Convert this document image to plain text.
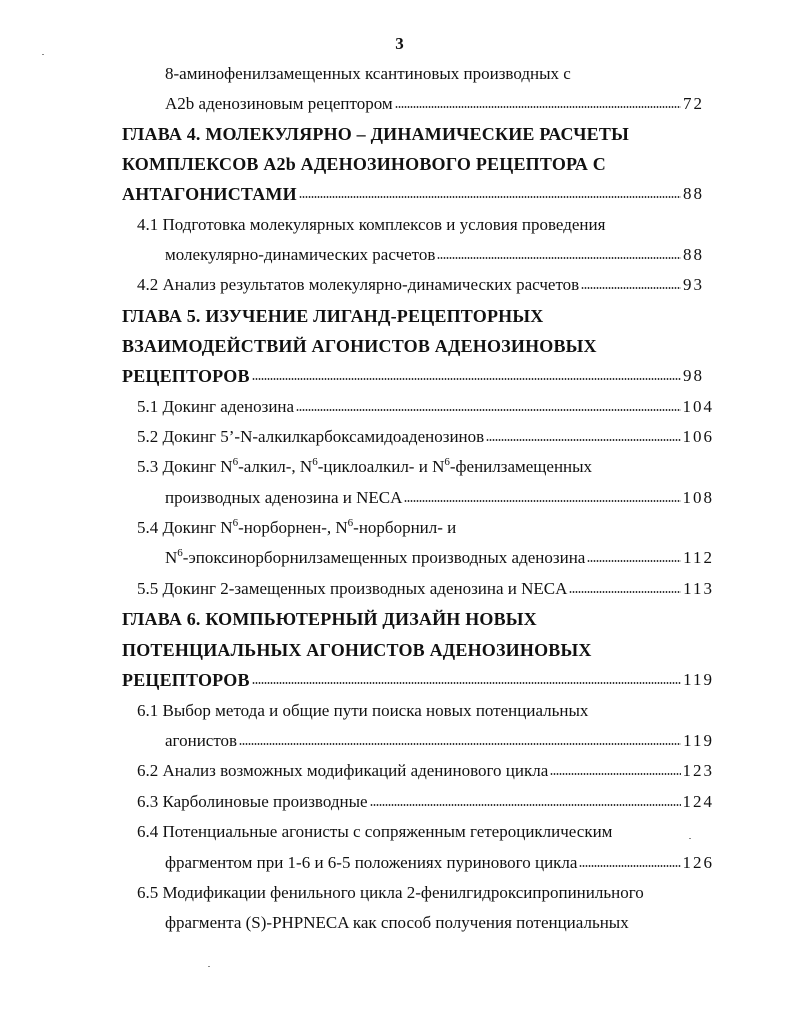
3
8-аминофенилзамещенных ксантиновых производных с
A2b аденозиновым рецептором	72
ГЛАВА 4. МОЛЕКУЛЯРНО – ДИНАМИЧЕСКИЕ РАСЧЕТЫ
КОМПЛЕКСОВ A2b АДЕНОЗИНОВОГО РЕЦЕПТОРА С
АНТАГОНИСТАМИ	88
4.1 Подготовка молекулярных комплексов и условия проведения
молекулярно-динамических расчетов	88
4.2 Анализ результатов молекулярно-динамических расчетов	93
ГЛАВА 5. ИЗУЧЕНИЕ ЛИГАНД-РЕЦЕПТОРНЫХ
ВЗАИМОДЕЙСТВИЙ АГОНИСТОВ АДЕНОЗИНОВЫХ
РЕЦЕПТОРОВ	98
5.1 Докинг аденозина	104
5.2 Докинг 5’-N-алкилкарбоксамидоаденозинов	106
5.3 Докинг $N^6-алкил-$, $N^6-циклоалкил-$ и $N^6$-фенилзамещенных
производных аденозина и NECA	108
5.4 Докинг $N^6-норборнен-$, $N^6-норборнил-$ и
$N^6$-эпоксинорборнилзамещенных производных аденозина	112
5.5 Докинг 2-замещенных производных аденозина и NECA	113
ГЛАВА 6. КОМПЬЮТЕРНЫЙ ДИЗАЙН НОВЫХ
ПОТЕНЦИАЛЬНЫХ АГОНИСТОВ АДЕНОЗИНОВЫХ
РЕЦЕПТОРОВ	119
6.1 Выбор метода и общие пути поиска новых потенциальных
агонистов	119
6.2 Анализ возможных модификаций аденинового цикла	123
6.3 Карболиновые производные	124
6.4 Потенциальные агонисты с сопряженным гетероциклическим
фрагментом при 1-6 и 6-5 положениях пуринового цикла	126
6.5 Модификации фенильного цикла 2-фенилгидроксипропинильного
фрагмента (S)-PHPNECA как способ получения потенциальных
